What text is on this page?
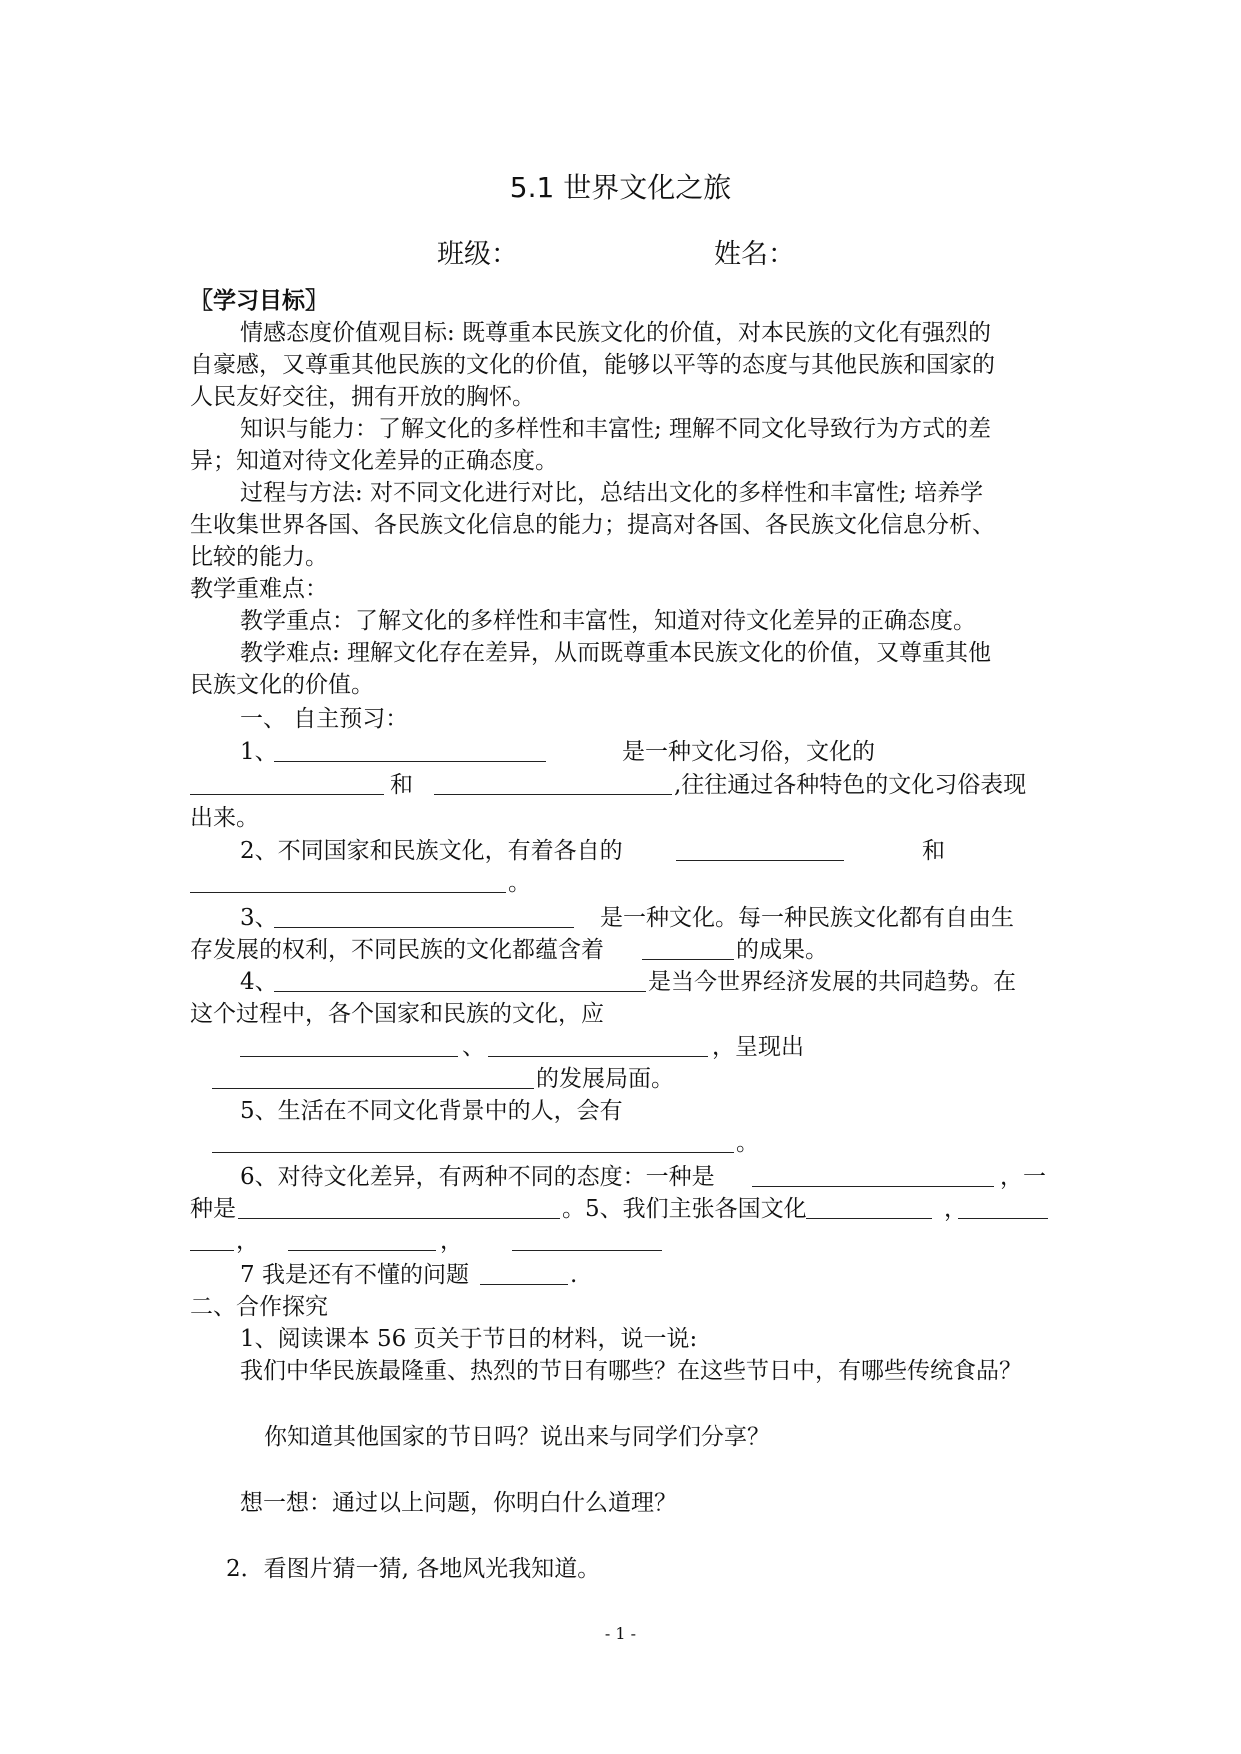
5.1 世界文化之旅
班级：	姓名：
〖学习目标〗
情感态度价值观目标: 既尊重本民族文化的价值，对本民族的文化有强烈的
自豪感，又尊重其他民族的文化的价值，能够以平等的态度与其他民族和国家的
人民友好交往，拥有开放的胸怀。
知识与能力：了解文化的多样性和丰富性; 理解不同文化导致行为方式的差
异；知道对待文化差异的正确态度。
过程与方法: 对不同文化进行对比，总结出文化的多样性和丰富性; 培养学
生收集世界各国、各民族文化信息的能力；提高对各国、各民族文化信息分析、
比较的能力。
教学重难点：
教学重点：了解文化的多样性和丰富性，知道对待文化差异的正确态度。
教学难点: 理解文化存在差异，从而既尊重本民族文化的价值，又尊重其他
民族文化的价值。
一、 自主预习：
1、	是一种文化习俗，文化的
和	,往往通过各种特色的文化习俗表现
出来。
2、不同国家和民族文化，有着各自的	和
。
3、	是一种文化。每一种民族文化都有自由生
存发展的权利，不同民族的文化都蕴含着	的成果。
4、	是当今世界经济发展的共同趋势。在
这个过程中，各个国家和民族的文化，应
、	，呈现出
的发展局面。
5、生活在不同文化背景中的人，会有
。
6、对待文化差异，有两种不同的态度：一种是	，一
种是	。5、我们主张各国文化	，
，	，
7 我是还有不懂的问题	.
二、合作探究
1、阅读课本 56 页关于节日的材料，说一说:
我们中华民族最隆重、热烈的节日有哪些？在这些节日中，有哪些传统食品？
你知道其他国家的节日吗？说出来与同学们分享？
想一想：通过以上问题，你明白什么道理？
2．看图片猜一猜, 各地风光我知道。
- 1 -
